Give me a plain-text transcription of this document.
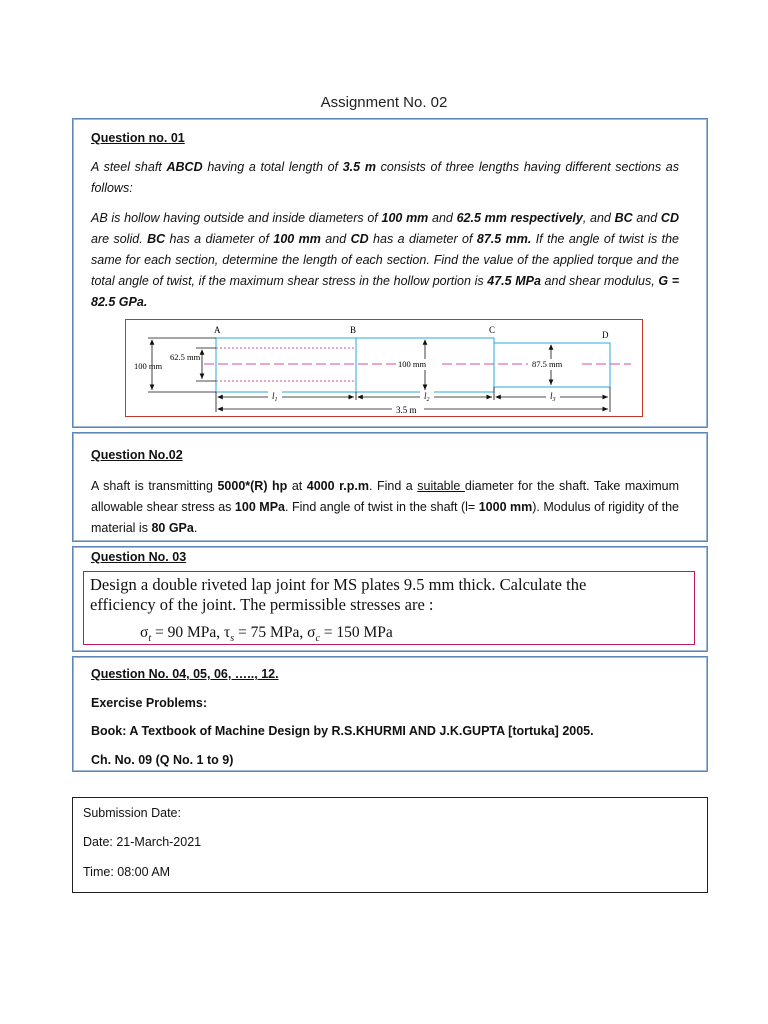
Assignment No. 02
Question no. 01

A steel shaft ABCD having a total length of 3.5 m consists of three lengths having different sections as follows:

AB is hollow having outside and inside diameters of 100 mm and 62.5 mm respectively, and BC and CD are solid. BC has a diameter of 100 mm and CD has a diameter of 87.5 mm. If the angle of twist is the same for each section, determine the length of each section. Find the value of the applied torque and the total angle of twist, if the maximum shear stress in the hollow portion is 47.5 MPa and shear modulus, G = 82.5 GPa.

A	B	C	D
100 mm
62.5 mm
100 mm	87.5 mm
$l_1$	$l_2$	$l_3$
3.5 m
Question No.02

A shaft is transmitting 5000*(R) hp at 4000 r.p.m. Find a suitable diameter for the shaft. Take maximum allowable shear stress as 100 MPa. Find angle of twist in the shaft (l= 1000 mm). Modulus of rigidity of the material is 80 GPa.

Question No. 03
Design a double riveted lap joint for MS plates 9.5 mm thick. Calculate the
efficiency of the joint. The permissible stresses are :
$\sigma_t = 90$ MPa, $\tau_s = 75$ MPa, $\sigma_c = 150$ MPa
Question No. 04, 05, 06, ….., 12.

Exercise Problems:

Book: A Textbook of Machine Design by R.S.KHURMI AND J.K.GUPTA [tortuka] 2005.

Ch. No. 09 (Q No. 1 to 9)

Submission Date:

Date: 21-March-2021

Time: 08:00 AM
